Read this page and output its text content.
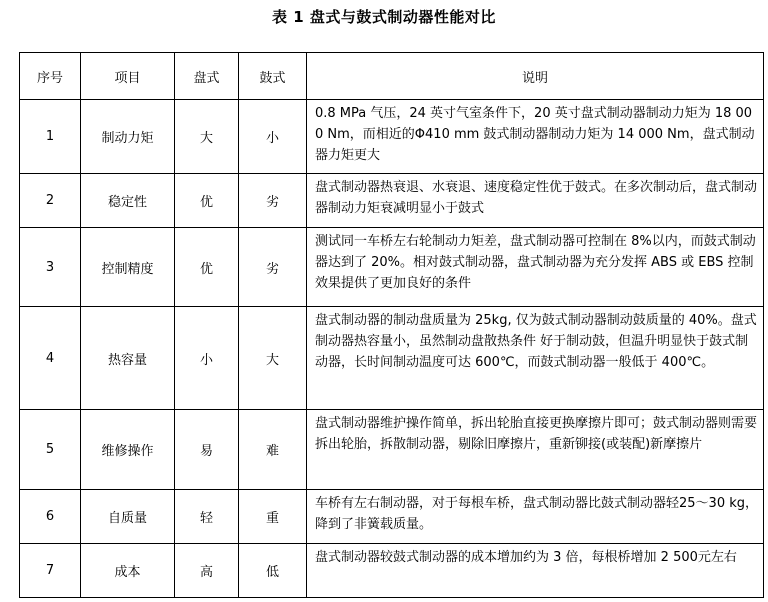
表 1 盘式与鼓式制动器性能对比
序号	项目	盘式	鼓式	说明
1	制动力矩	大	小	0.8 MPa 气压，24 英寸气室条件下，20 英寸盘式制动器制动力矩为 18 000 Nm，而相近的Φ410 mm 鼓式制动器制动力矩为 14 000 Nm，盘式制动器力矩更大
2	稳定性	优	劣	盘式制动器热衰退、水衰退、速度稳定性优于鼓式。在多次制动后，盘式制动器制动力矩衰减明显小于鼓式
3	控制精度	优	劣	测试同一车桥左右轮制动力矩差，盘式制动器可控制在 8%以内，而鼓式制动器达到了 20%。相对鼓式制动器，盘式制动器为充分发挥 ABS 或 EBS 控制效果提供了更加良好的条件
4	热容量	小	大	盘式制动器的制动盘质量为 25kg, 仅为鼓式制动器制动鼓质量的 40%。盘式制动器热容量小，虽然制动盘散热条件 好于制动鼓，但温升明显快于鼓式制动器，长时间制动温度可达 600℃，而鼓式制动器一般低于 400℃。
5	维修操作	易	难	盘式制动器维护操作简单，拆出轮胎直接更换摩擦片即可；鼓式制动器则需要拆出轮胎，拆散制动器，剔除旧摩擦片，重新铆接(或装配)新摩擦片
6	自质量	轻	重	车桥有左右制动器，对于每根车桥，盘式制动器比鼓式制动器轻25～30 kg，降到了非簧载质量。
7	成本	高	低	盘式制动器较鼓式制动器的成本增加约为 3 倍，每根桥增加 2 500元左右
